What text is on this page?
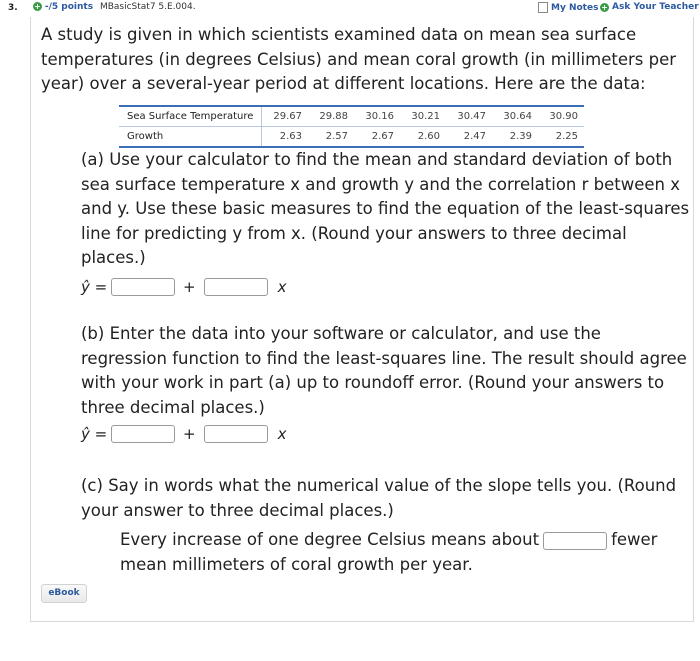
3. + -/5 points MBasicStat7 5.E.004.	My Notes + Ask Your Teacher
A study is given in which scientists examined data on mean sea surface temperatures (in degrees Celsius) and mean coral growth (in millimeters per year) over a several-year period at different locations. Here are the data:
Sea Surface Temperature	29.67	29.88	30.16	30.21	30.47	30.64	30.90
Growth	2.63	2.57	2.67	2.60	2.47	2.39	2.25
(a) Use your calculator to find the mean and standard deviation of both sea surface temperature x and growth y and the correlation r between x and y. Use these basic measures to find the equation of the least-squares line for predicting y from x. (Round your answers to three decimal places.)
ŷ =	+	x
(b) Enter the data into your software or calculator, and use the regression function to find the least-squares line. The result should agree with your work in part (a) up to roundoff error. (Round your answers to three decimal places.)
ŷ =	+	x
(c) Say in words what the numerical value of the slope tells you. (Round your answer to three decimal places.)
Every increase of one degree Celsius means about	fewer mean millimeters of coral growth per year.
eBook
